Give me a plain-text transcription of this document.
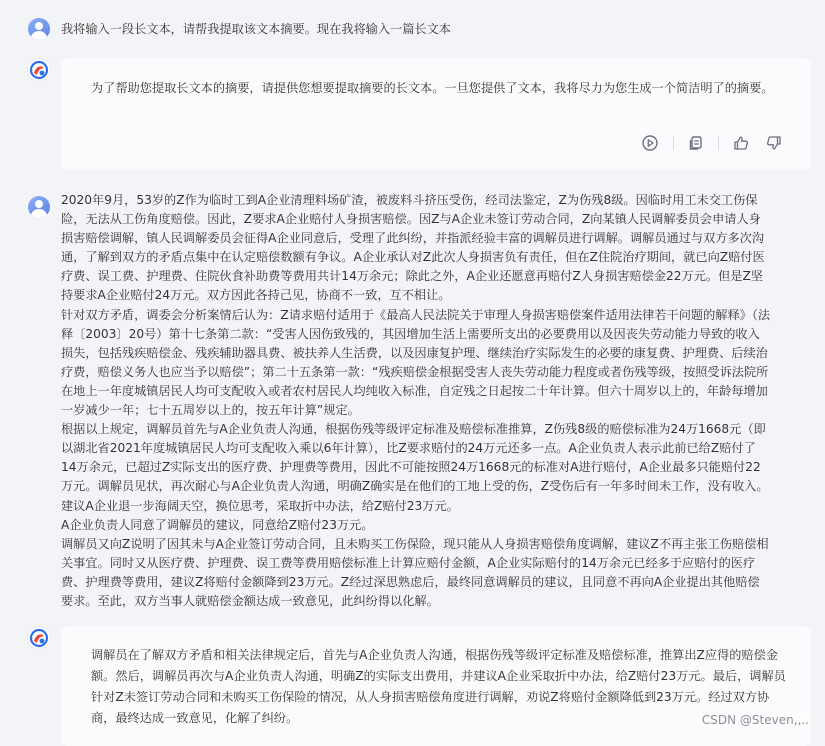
我将输入一段长文本，请帮我提取该文本摘要。现在我将输入一篇长文本
为了帮助您提取长文本的摘要，请提供您想要提取摘要的长文本。一旦您提供了文本，我将尽力为您生成一个简洁明了的摘要。

2020年9月，53岁的Z作为临时工到A企业清理料场矿渣，被废料斗挤压受伤，经司法鉴定，Z为伤残8级。因临时用工未交工伤保险，无法从工伤角度赔偿。因此，Z要求A企业赔付人身损害赔偿。因Z与A企业未签订劳动合同，Z向某镇人民调解委员会申请人身损害赔偿调解，镇人民调解委员会征得A企业同意后，受理了此纠纷，并指派经验丰富的调解员进行调解。调解员通过与双方多次沟通，了解到双方的矛盾点集中在认定赔偿数额有争议。A企业承认对Z此次人身损害负有责任，但在Z住院治疗期间，就已向Z赔付医疗费、误工费、护理费、住院伙食补助费等费用共计14万余元；除此之外，A企业还愿意再赔付Z人身损害赔偿金22万元。但是Z坚持要求A企业赔付24万元。双方因此各持己见，协商不一致，互不相让。

针对双方矛盾，调委会分析案情后认为：Z请求赔付适用于《最高人民法院关于审理人身损害赔偿案件适用法律若干问题的解释》（法释〔2003〕20号）第十七条第二款：“受害人因伤致残的，其因增加生活上需要所支出的必要费用以及因丧失劳动能力导致的收入损失，包括残疾赔偿金、残疾辅助器具费、被扶养人生活费，以及因康复护理、继续治疗实际发生的必要的康复费、护理费、后续治疗费，赔偿义务人也应当予以赔偿”；第二十五条第一款：“残疾赔偿金根据受害人丧失劳动能力程度或者伤残等级，按照受诉法院所在地上一年度城镇居民人均可支配收入或者农村居民人均纯收入标准，自定残之日起按二十年计算。但六十周岁以上的，年龄每增加一岁减少一年；七十五周岁以上的，按五年计算”规定。

根据以上规定，调解员首先与A企业负责人沟通，根据伤残等级评定标准及赔偿标准推算，Z伤残8级的赔偿标准为24万1668元（即以湖北省2021年度城镇居民人均可支配收入乘以6年计算），比Z要求赔付的24万元还多一点。A企业负责人表示此前已给Z赔付了14万余元，已超过Z实际支出的医疗费、护理费等费用，因此不可能按照24万1668元的标准对A进行赔付，A企业最多只能赔付22万元。调解员见状，再次耐心与A企业负责人沟通，明确Z确实是在他们的工地上受的伤，Z受伤后有一年多时间未工作，没有收入。建议A企业退一步海阔天空，换位思考，采取折中办法，给Z赔付23万元。

A企业负责人同意了调解员的建议，同意给Z赔付23万元。

调解员又向Z说明了因其未与A企业签订劳动合同，且未购买工伤保险，现只能从人身损害赔偿角度调解，建议Z不再主张工伤赔偿相关事宜。同时又从医疗费、护理费、误工费等费用赔偿标准上计算应赔付金额，A企业实际赔付的14万余元已经多于应赔付的医疗费、护理费等费用，建议Z将赔付金额降到23万元。Z经过深思熟虑后，最终同意调解员的建议，且同意不再向A企业提出其他赔偿要求。至此，双方当事人就赔偿金额达成一致意见，此纠纷得以化解。

调解员在了解双方矛盾和相关法律规定后，首先与A企业负责人沟通，根据伤残等级评定标准及赔偿标准，推算出Z应得的赔偿金额。然后，调解员再次与A企业负责人沟通，明确Z的实际支出费用，并建议A企业采取折中办法，给Z赔付23万元。最后，调解员针对Z未签订劳动合同和未购买工伤保险的情况，从人身损害赔偿角度进行调解，劝说Z将赔付金额降低到23万元。经过双方协商，最终达成一致意见，化解了纠纷。	CSDN @Steven,,..
